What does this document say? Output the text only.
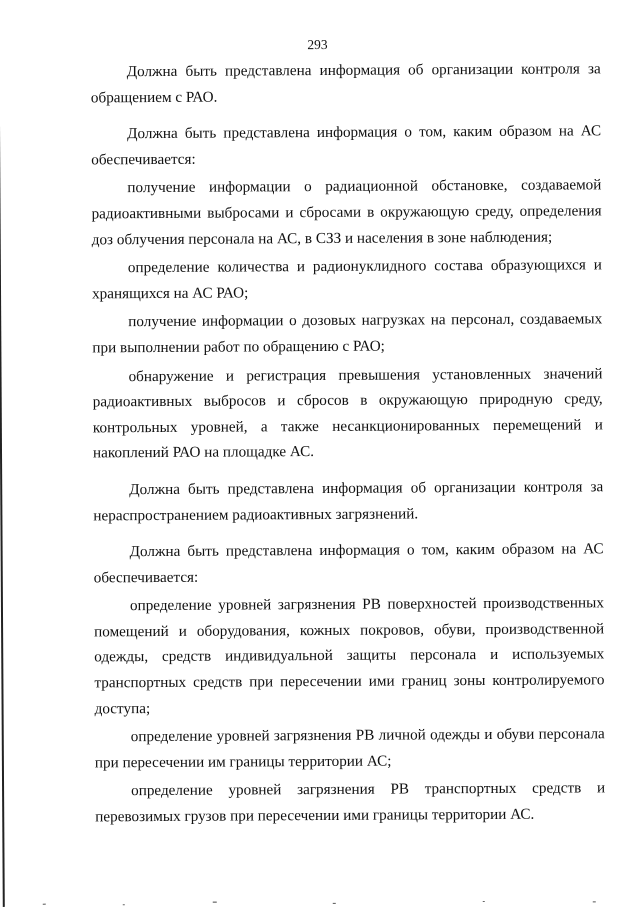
293

Должна быть представлена информация об организации контроля за обращением с РАО.

Должна быть представлена информация о том, каким образом на АС обеспечивается:

получение информации о радиационной обстановке, создаваемой радиоактивными выбросами и сбросами в окружающую среду, определения доз облучения персонала на АС, в СЗЗ и населения в зоне наблюдения;

определение количества и радионуклидного состава образующихся и хранящихся на АС РАО;

получение информации о дозовых нагрузках на персонал, создаваемых при выполнении работ по обращению с РАО;

обнаружение и регистрация превышения установленных значений радиоактивных выбросов и сбросов в окружающую природную среду, контрольных уровней, а также несанкционированных перемещений и накоплений РАО на площадке АС.

Должна быть представлена информация об организации контроля за нераспространением радиоактивных загрязнений.

Должна быть представлена информация о том, каким образом на АС обеспечивается:

определение уровней загрязнения РВ поверхностей производственных помещений и оборудования, кожных покровов, обуви, производственной одежды, средств индивидуальной защиты персонала и используемых транспортных средств при пересечении ими границ зоны контролируемого доступа;

определение уровней загрязнения РВ личной одежды и обуви персонала при пересечении им границы территории АС;

определение уровней загрязнения РВ транспортных средств и перевозимых грузов при пересечении ими границы территории АС.
